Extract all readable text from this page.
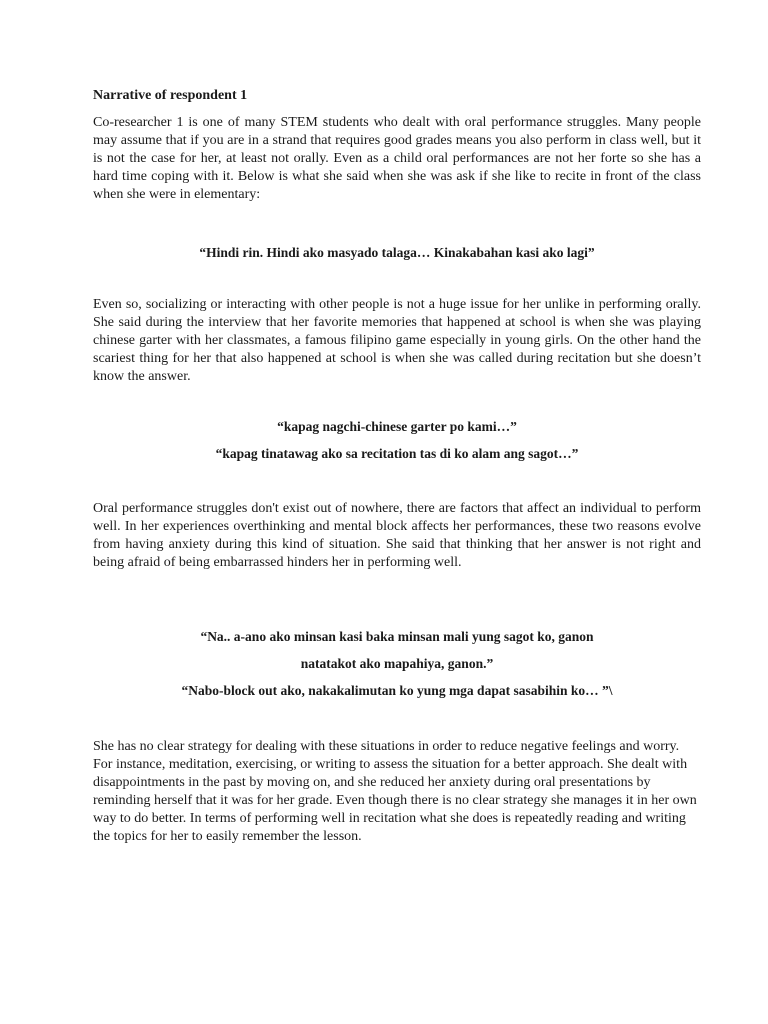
Narrative of respondent 1

Co-researcher 1 is one of many STEM students who dealt with oral performance struggles. Many people may assume that if you are in a strand that requires good grades means you also perform in class well, but it is not the case for her, at least not orally. Even as a child oral performances are not her forte so she has a hard time coping with it. Below is what she said when she was ask if she like to recite in front of the class when she were in elementary:

“Hindi rin. Hindi ako masyado talaga… Kinakabahan kasi ako lagi”

Even so, socializing or interacting with other people is not a huge issue for her unlike in performing orally. She said during the interview that her favorite memories that happened at school is when she was playing chinese garter with her classmates, a famous filipino game especially in young girls. On the other hand the scariest thing for her that also happened at school is when she was called during recitation but she doesn’t know the answer.

“kapag nagchi-chinese garter po kami…”

“kapag tinatawag ako sa recitation tas di ko alam ang sagot…”

Oral performance struggles don't exist out of nowhere, there are factors that affect an individual to perform well. In her experiences overthinking and mental block affects her performances, these two reasons evolve from having anxiety during this kind of situation. She said that thinking that her answer is not right and being afraid of being embarrassed hinders her in performing well.

“Na.. a-ano ako minsan kasi baka minsan mali yung sagot ko, ganon

natatakot ako mapahiya, ganon.”

“Nabo-block out ako, nakakalimutan ko yung mga dapat sasabihin ko… ”\

She has no clear strategy for dealing with these situations in order to reduce negative feelings and worry. For instance, meditation, exercising, or writing to assess the situation for a better approach. She dealt with disappointments in the past by moving on, and she reduced her anxiety during oral presentations by reminding herself that it was for her grade. Even though there is no clear strategy she manages it in her own way to do better. In terms of performing well in recitation what she does is repeatedly reading and writing the topics for her to easily remember the lesson.
